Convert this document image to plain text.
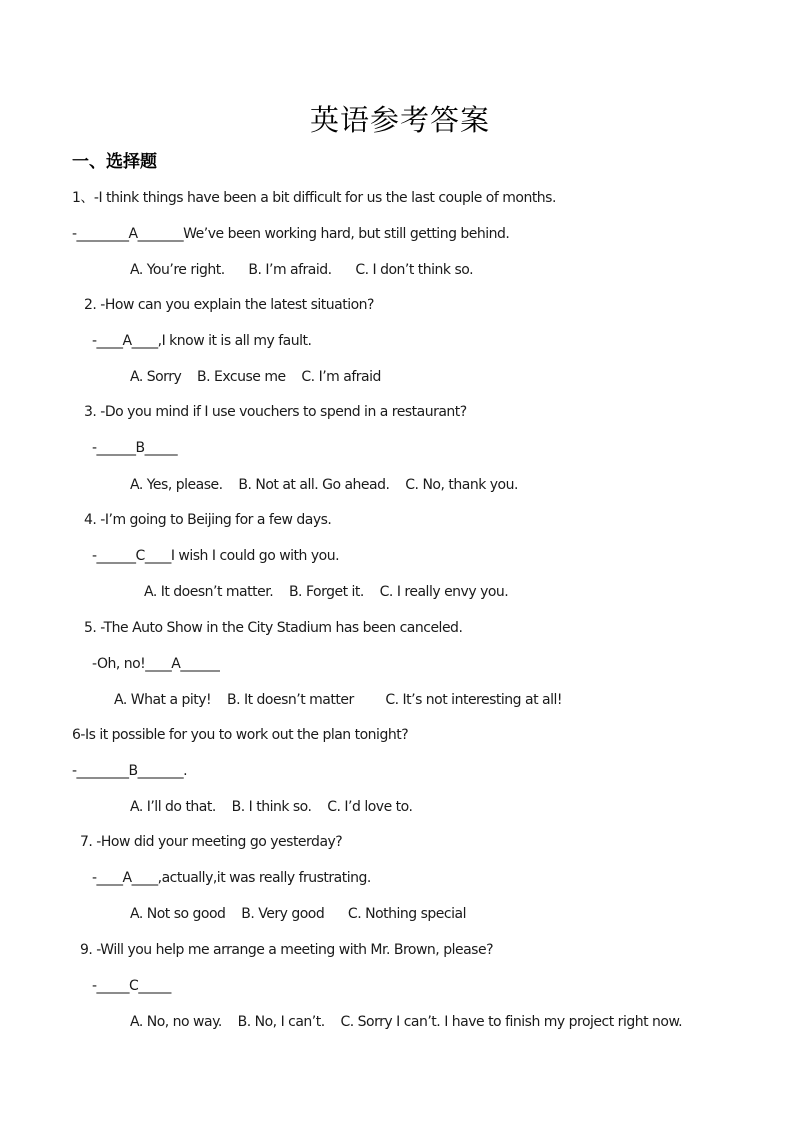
英语参考答案
一、选择题
1、-I think things have been a bit difficult for us the last couple of months.
-________A_______We’ve been working hard, but still getting behind.
A. You’re right.      B. I’m afraid.      C. I don’t think so.
2. -How can you explain the latest situation?
-____A____,I know it is all my fault.
A. Sorry    B. Excuse me    C. I’m afraid
3. -Do you mind if I use vouchers to spend in a restaurant?
-______B_____
A. Yes, please.    B. Not at all. Go ahead.    C. No, thank you.
4. -I’m going to Beijing for a few days.
-______C____I wish I could go with you.
A. It doesn’t matter.    B. Forget it.    C. I really envy you.
5. -The Auto Show in the City Stadium has been canceled.
-Oh, no!____A______
A. What a pity!    B. It doesn’t matter        C. It’s not interesting at all!
6-Is it possible for you to work out the plan tonight?
-________B_______.
A. I’ll do that.    B. I think so.    C. I’d love to.
7. -How did your meeting go yesterday?
-____A____,actually,it was really frustrating.
A. Not so good    B. Very good      C. Nothing special
9. -Will you help me arrange a meeting with Mr. Brown, please?
-_____C_____
A. No, no way.    B. No, I can’t.    C. Sorry I can’t. I have to finish my project right now.
